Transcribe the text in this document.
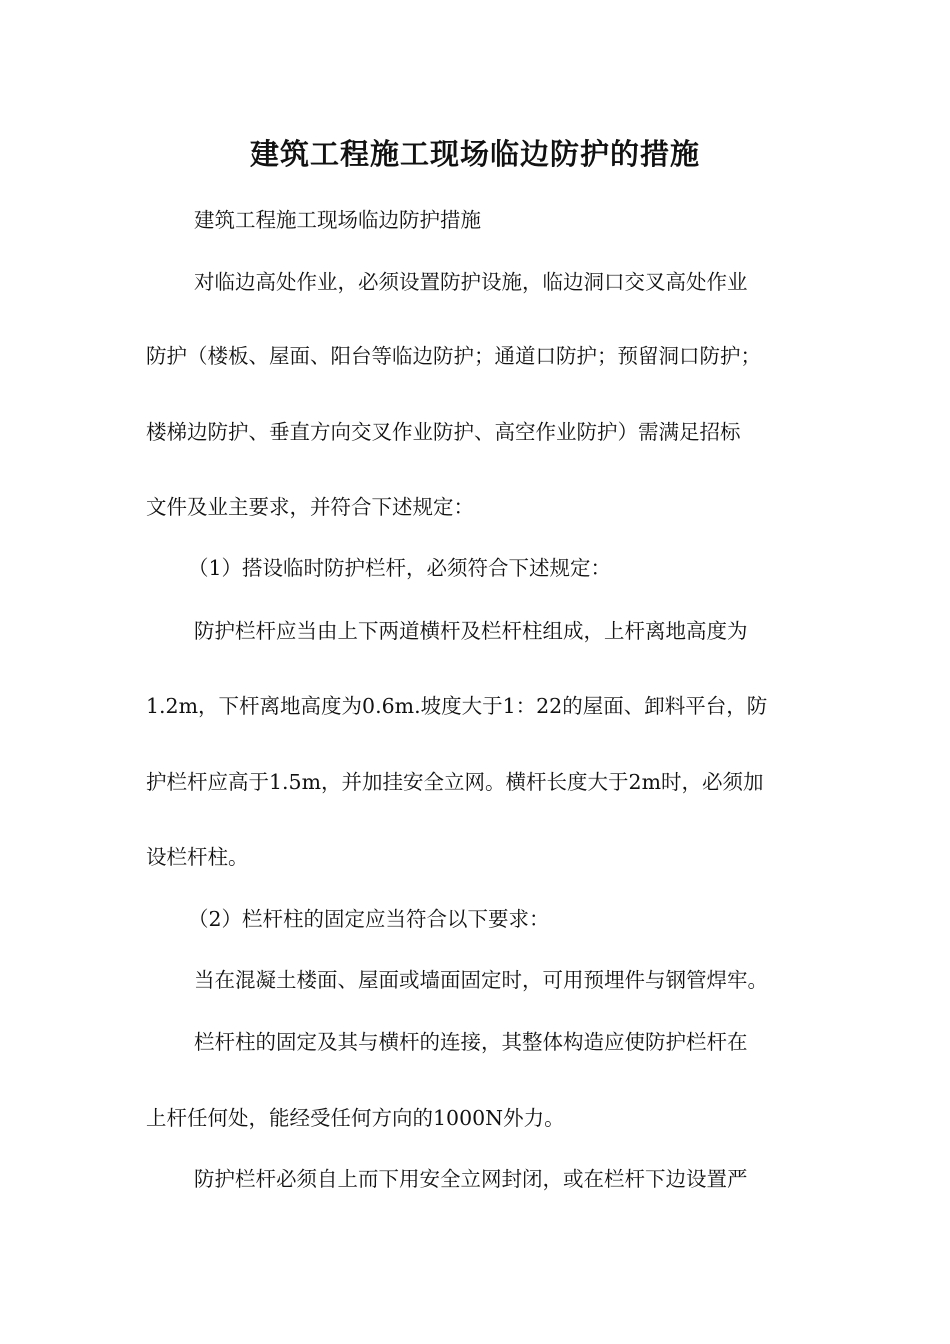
建筑工程施工现场临边防护的措施
建筑工程施工现场临边防护措施
对临边高处作业，必须设置防护设施，临边洞口交叉高处作业
防护（楼板、屋面、阳台等临边防护；通道口防护；预留洞口防护；
楼梯边防护、垂直方向交叉作业防护、高空作业防护）需满足招标
文件及业主要求，并符合下述规定：
（1）搭设临时防护栏杆，必须符合下述规定：
防护栏杆应当由上下两道横杆及栏杆柱组成，上杆离地高度为
1.2m，下杆离地高度为0.6m.坡度大于1：22的屋面、卸料平台，防
护栏杆应高于1.5m，并加挂安全立网。横杆长度大于2m时，必须加
设栏杆柱。
（2）栏杆柱的固定应当符合以下要求：
当在混凝土楼面、屋面或墙面固定时，可用预埋件与钢管焊牢。
栏杆柱的固定及其与横杆的连接，其整体构造应使防护栏杆在
上杆任何处，能经受任何方向的1000N外力。
防护栏杆必须自上而下用安全立网封闭，或在栏杆下边设置严
